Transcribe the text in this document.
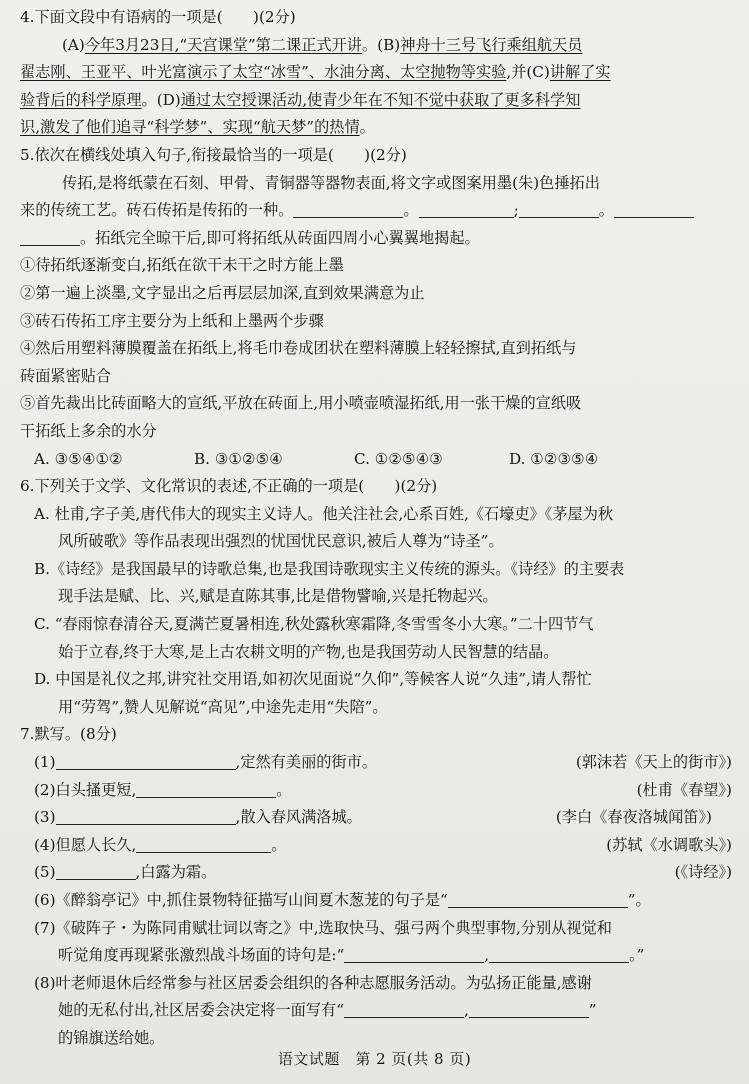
4.下面文段中有语病的一项是(　　)(2分)
(A)今年3月23日,“天宫课堂”第二课正式开讲。(B)神舟十三号飞行乘组航天员
翟志刚、王亚平、叶光富演示了太空“冰雪”、水油分离、太空抛物等实验,并(C)讲解了实
验背后的科学原理。(D)通过太空授课活动,使青少年在不知不觉中获取了更多科学知
识,激发了他们追寻“科学梦”、实现“航天梦”的热情。
5.依次在横线处填入句子,衔接最恰当的一项是(　　)(2分)
传拓,是将纸蒙在石刻、甲骨、青铜器等器物表面,将文字或图案用墨(朱)色捶拓出
来的传统工艺。砖石传拓是传拓的一种。	。	;	。
。拓纸完全晾干后,即可将拓纸从砖面四周小心翼翼地揭起。
①待拓纸逐渐变白,拓纸在欲干未干之时方能上墨
②第一遍上淡墨,文字显出之后再层层加深,直到效果满意为止
③砖石传拓工序主要分为上纸和上墨两个步骤
④然后用塑料薄膜覆盖在拓纸上,将毛巾卷成团状在塑料薄膜上轻轻擦拭,直到拓纸与
砖面紧密贴合
⑤首先裁出比砖面略大的宣纸,平放在砖面上,用小喷壶喷湿拓纸,用一张干燥的宣纸吸
干拓纸上多余的水分
A. ③⑤④①②	B. ③①②⑤④	C. ①②⑤④③	D. ①②③⑤④
6.下列关于文学、文化常识的表述,不正确的一项是(　　)(2分)
A. 杜甫,字子美,唐代伟大的现实主义诗人。他关注社会,心系百姓,《石壕吏》《茅屋为秋
风所破歌》等作品表现出强烈的忧国忧民意识,被后人尊为“诗圣”。
B.《诗经》是我国最早的诗歌总集,也是我国诗歌现实主义传统的源头。《诗经》的主要表
现手法是赋、比、兴,赋是直陈其事,比是借物譬喻,兴是托物起兴。
C. “春雨惊春清谷天,夏满芒夏暑相连,秋处露秋寒霜降,冬雪雪冬小大寒。”二十四节气
始于立春,终于大寒,是上古农耕文明的产物,也是我国劳动人民智慧的结晶。
D. 中国是礼仪之邦,讲究社交用语,如初次见面说“久仰”,等候客人说“久违”,请人帮忙
用“劳驾”,赞人见解说“高见”,中途先走用“失陪”。
7.默写。(8分)
(1)	,定然有美丽的街市。	(郭沫若《天上的街市》)
(2)白头搔更短,	。	(杜甫《春望》)
(3)	,散入春风满洛城。	(李白《春夜洛城闻笛》)
(4)但愿人长久,	。	(苏轼《水调歌头》)
(5)	,白露为霜。	(《诗经》)
(6)《醉翁亭记》中,抓住景物特征描写山间夏木葱茏的句子是“	”。
(7)《破阵子・为陈同甫赋壮词以寄之》中,选取快马、强弓两个典型事物,分别从视觉和
听觉角度再现紧张激烈战斗场面的诗句是:“	,	。”
(8)叶老师退休后经常参与社区居委会组织的各种志愿服务活动。为弘扬正能量,感谢
她的无私付出,社区居委会决定将一面写有“	,	”
的锦旗送给她。
语文试题　第 2 页(共 8 页)
